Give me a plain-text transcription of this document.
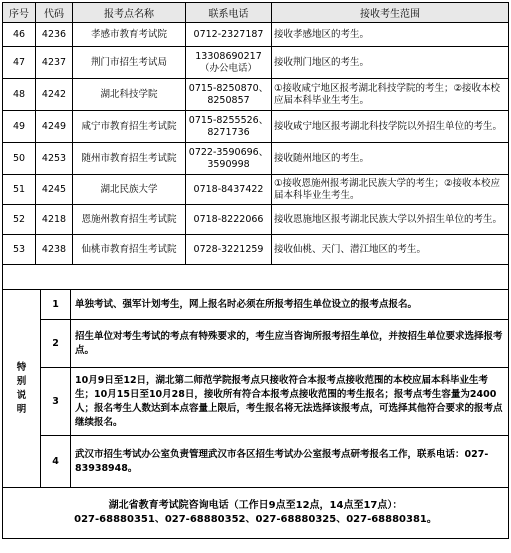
序号	代码	报考点名称	联系电话	接收考生范围
46	4236	孝感市教育考试院	0712-2327187	接收孝感地区的考生。
47	4237	荆门市招生考试局	13308690217（办公电话）	接收荆门地区的考生。
48	4242	湖北科技学院	0715-8250870、8250857	①接收咸宁地区报考湖北科技学院的考生；②接收本校应届本科毕业生考生。
49	4249	咸宁市教育招生考试院	0715-8255526、8271736	接收咸宁地区报考湖北科技学院以外招生单位的考生。
50	4253	随州市教育招生考试院	0722-3590696、3590998	接收随州地区的考生。
51	4245	湖北民族大学	0718-8437422	①接收恩施州报考湖北民族大学的考生；②接收本校应届本科毕业生考生。
52	4218	恩施州教育招生考试院	0718-8222066	接收恩施地区报考湖北民族大学以外招生单位的考生。
53	4238	仙桃市教育招生考试院	0728-3221259	接收仙桃、天门、潜江地区的考生。

特
别
说
明	1	单独考试、强军计划考生，网上报名时必须在所报考招生单位设立的报考点报名。
	2	招生单位对考生考试的考点有特殊要求的，考生应当咨询所报考招生单位，并按招生单位要求选择报考点。
	3	10月9日至12日，湖北第二师范学院报考点只接收符合本报考点接收范围的本校应届本科毕业生考生；10月15日至10月28日，接收所有符合本报考点接收范围的考生报名；报考点考生容量为2400人；报名考生人数达到本点容量上限后，考生报名将无法选择该报考点，可选择其他符合要求的报考点继续报名。
	4	武汉市招生考试办公室负责管理武汉市各区招生考试办公室报考点研考报名工作，联系电话：027-83938948。

湖北省教育考试院咨询电话（工作日9点至12点，14点至17点）：
027-68880351、027-68880352、027-68880325、027-68880381。		
